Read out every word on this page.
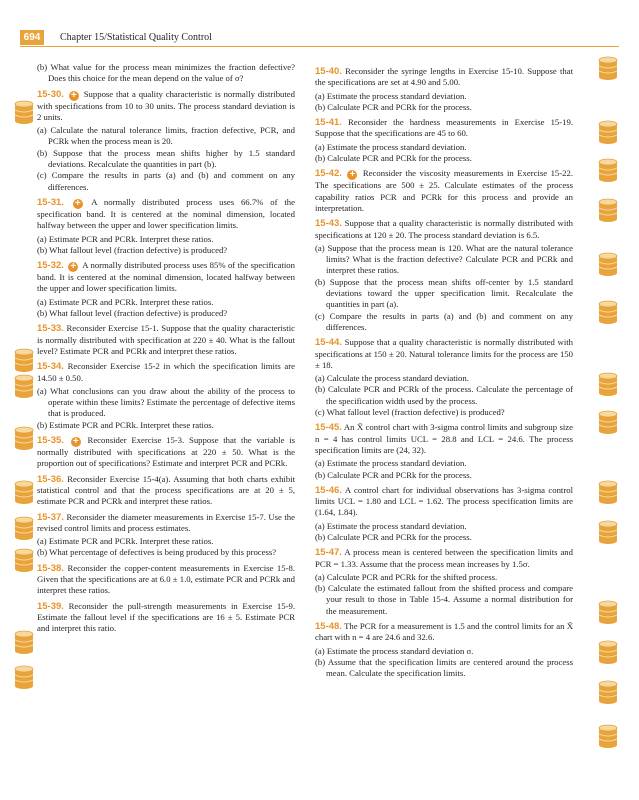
694	Chapter 15/Statistical Quality Control

(b) What value for the process mean minimizes the fraction defective? Does this choice for the mean depend on the value of σ?

15-30. + Suppose that a quality characteristic is normally distributed with specifications from 10 to 30 units. The process standard deviation is 2 units.

(a) Calculate the natural tolerance limits, fraction defective, PCR, and PCRk when the process mean is 20.

(b) Suppose that the process mean shifts higher by 1.5 standard deviations. Recalculate the quantities in part (b).

(c) Compare the results in parts (a) and (b) and comment on any differences.

15-31. + A normally distributed process uses 66.7% of the specification band. It is centered at the nominal dimension, located halfway between the upper and lower specification limits.

(a) Estimate PCR and PCRk. Interpret these ratios.

(b) What fallout level (fraction defective) is produced?

15-32. + A normally distributed process uses 85% of the specification band. It is centered at the nominal dimension, located halfway between the upper and lower specification limits.

(a) Estimate PCR and PCRk. Interpret these ratios.

(b) What fallout level (fraction defective) is produced?

15-33. Reconsider Exercise 15-1. Suppose that the quality characteristic is normally distributed with specification at 220 ± 40. What is the fallout level? Estimate PCR and PCRk and interpret these ratios.

15-34. Reconsider Exercise 15-2 in which the specification limits are 14.50 ± 0.50.

(a) What conclusions can you draw about the ability of the process to operate within these limits? Estimate the percentage of defective items that is produced.

(b) Estimate PCR and PCRk. Interpret these ratios.

15-35. + Reconsider Exercise 15-3. Suppose that the variable is normally distributed with specifications at 220 ± 50. What is the proportion out of specifications? Estimate and interpret PCR and PCRk.

15-36. Reconsider Exercise 15-4(a). Assuming that both charts exhibit statistical control and that the process specifications are at 20 ± 5, estimate PCR and PCRk and interpret these ratios.

15-37. Reconsider the diameter measurements in Exercise 15-7. Use the revised control limits and process estimates.

(a) Estimate PCR and PCRk. Interpret these ratios.

(b) What percentage of defectives is being produced by this process?

15-38. Reconsider the copper-content measurements in Exercise 15-8. Given that the specifications are at 6.0 ± 1.0, estimate PCR and PCRk and interpret these ratios.

15-39. Reconsider the pull-strength measurements in Exercise 15-9. Estimate the fallout level if the specifications are 16 ± 5. Estimate PCR and interpret this ratio.

15-40. Reconsider the syringe lengths in Exercise 15-10. Suppose that the specifications are set at 4.90 and 5.00.

(a) Estimate the process standard deviation.

(b) Calculate PCR and PCRk for the process.

15-41. Reconsider the hardness measurements in Exercise 15-19. Suppose that the specifications are 45 to 60.

(a) Estimate the process standard deviation.

(b) Calculate PCR and PCRk for the process.

15-42. + Reconsider the viscosity measurements in Exercise 15-22. The specifications are 500 ± 25. Calculate estimates of the process capability ratios PCR and PCRk for this process and provide an interpretation.

15-43. Suppose that a quality characteristic is normally distributed with specifications at 120 ± 20. The process standard deviation is 6.5.

(a) Suppose that the process mean is 120. What are the natural tolerance limits? What is the fraction defective? Calculate PCR and PCRk and interpret these ratios.

(b) Suppose that the process mean shifts off-center by 1.5 standard deviations toward the upper specification limit. Recalculate the quantities in part (a).

(c) Compare the results in parts (a) and (b) and comment on any differences.

15-44. Suppose that a quality characteristic is normally distributed with specifications at 150 ± 20. Natural tolerance limits for the process are 150 ± 18.

(a) Calculate the process standard deviation.

(b) Calculate PCR and PCRk of the process. Calculate the percentage of the specification width used by the process.

(c) What fallout level (fraction defective) is produced?

15-45. An X̄ control chart with 3-sigma control limits and subgroup size n = 4 has control limits UCL = 28.8 and LCL = 24.6. The process specification limits are (24, 32).

(a) Estimate the process standard deviation.

(b) Calculate PCR and PCRk for the process.

15-46. A control chart for individual observations has 3-sigma control limits UCL = 1.80 and LCL = 1.62. The process specification limits are (1.64, 1.84).

(a) Estimate the process standard deviation.

(b) Calculate PCR and PCRk for the process.

15-47. A process mean is centered between the specification limits and PCR = 1.33. Assume that the process mean increases by 1.5σ.

(a) Calculate PCR and PCRk for the shifted process.

(b) Calculate the estimated fallout from the shifted process and compare your result to those in Table 15-4. Assume a normal distribution for the measurement.

15-48. The PCR for a measurement is 1.5 and the control limits for an X̄ chart with n = 4 are 24.6 and 32.6.

(a) Estimate the process standard deviation σ.

(b) Assume that the specification limits are centered around the process mean. Calculate the specification limits.
